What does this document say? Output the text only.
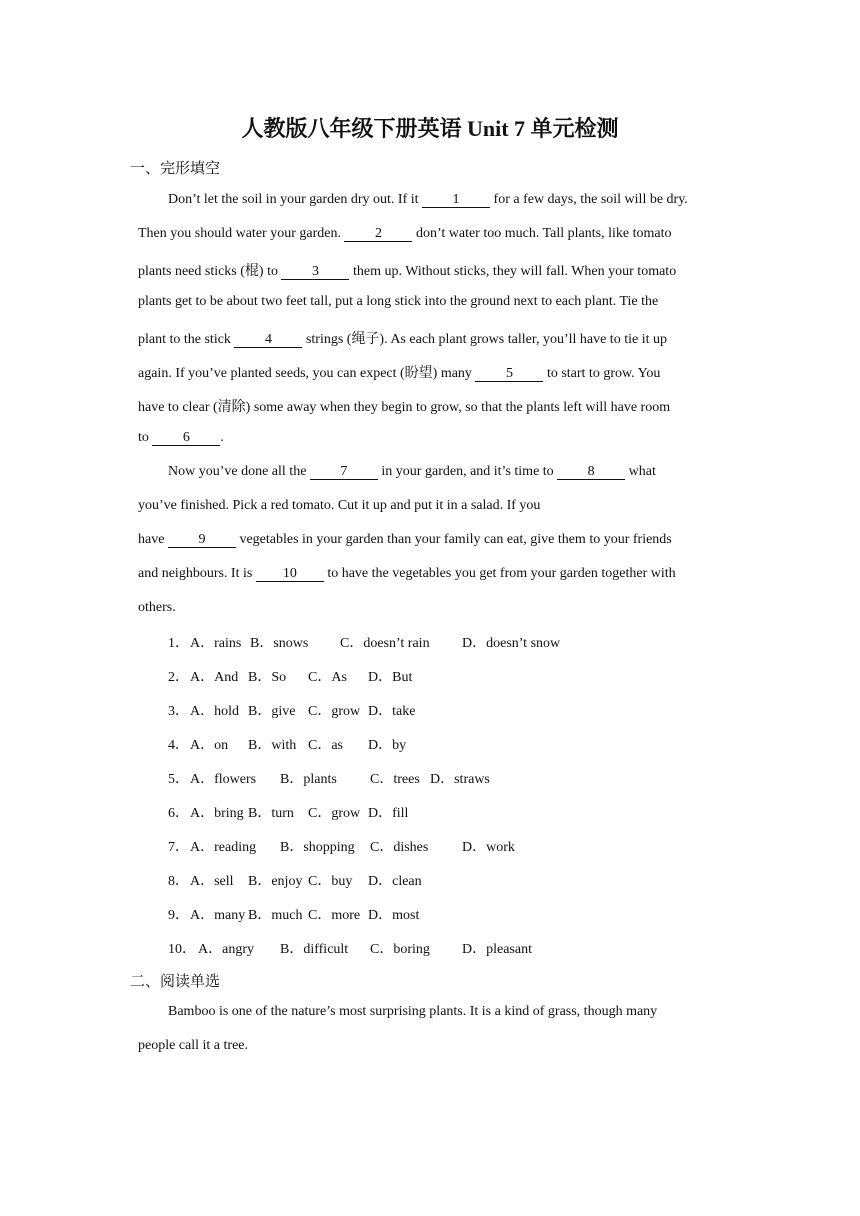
人教版八年级下册英语 Unit 7 单元检测
一、完形填空
Don’t let the soil in your garden dry out. If it 1 for a few days, the soil will be dry.
Then you should water your garden. 2 don’t water too much. Tall plants, like tomato
plants need sticks (棍) to 3 them up. Without sticks, they will fall. When your tomato
plants get to be about two feet tall, put a long stick into the ground next to each plant. Tie the
plant to the stick 4 strings (绳子). As each plant grows taller, you’ll have to tie it up
again. If you’ve planted seeds, you can expect (盼望) many 5 to start to grow. You
have to clear (清除) some away when they begin to grow, so that the plants left will have room
to 6 .
Now you’ve done all the 7 in your garden, and it’s time to 8 what
you’ve finished. Pick a red tomato. Cut it up and put it in a salad. If you
have 9 vegetables in your garden than your family can eat, give them to your friends
and neighbours. It is 10 to have the vegetables you get from your garden together with
others.
1． A．rains B．snows C．doesn’t rain D．doesn’t snow
2． A．And B．So C．As D．But
3． A．hold B．give C．grow D．take
4． A．on B．with C．as D．by
5． A．flowers B．plants C．trees D．straws
6． A．bring B．turn C．grow D．fill
7． A．reading B．shopping C．dishes D．work
8． A．sell B．enjoy C．buy D．clean
9． A．many B．much C．more D．most
10． A．angry B．difficult C．boring D．pleasant
二、阅读单选
Bamboo is one of the nature’s most surprising plants. It is a kind of grass, though many
people call it a tree.
